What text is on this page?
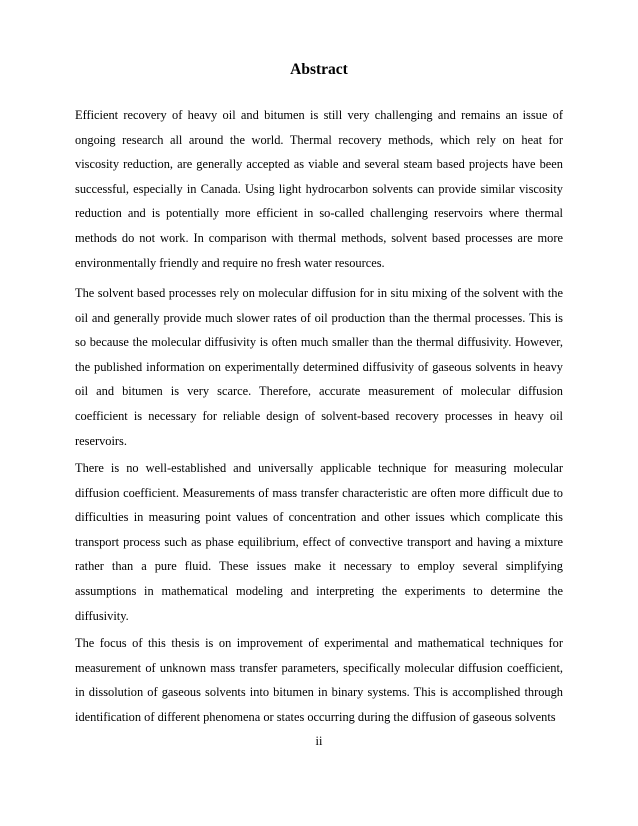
Abstract

Efficient recovery of heavy oil and bitumen is still very challenging and remains an issue of ongoing research all around the world. Thermal recovery methods, which rely on heat for viscosity reduction, are generally accepted as viable and several steam based projects have been successful, especially in Canada. Using light hydrocarbon solvents can provide similar viscosity reduction and is potentially more efficient in so-called challenging reservoirs where thermal methods do not work. In comparison with thermal methods, solvent based processes are more environmentally friendly and require no fresh water resources.

The solvent based processes rely on molecular diffusion for in situ mixing of the solvent with the oil and generally provide much slower rates of oil production than the thermal processes. This is so because the molecular diffusivity is often much smaller than the thermal diffusivity. However, the published information on experimentally determined diffusivity of gaseous solvents in heavy oil and bitumen is very scarce. Therefore, accurate measurement of molecular diffusion coefficient is necessary for reliable design of solvent-based recovery processes in heavy oil reservoirs.

There is no well-established and universally applicable technique for measuring molecular diffusion coefficient. Measurements of mass transfer characteristic are often more difficult due to difficulties in measuring point values of concentration and other issues which complicate this transport process such as phase equilibrium, effect of convective transport and having a mixture rather than a pure fluid. These issues make it necessary to employ several simplifying assumptions in mathematical modeling and interpreting the experiments to determine the diffusivity.

The focus of this thesis is on improvement of experimental and mathematical techniques for measurement of unknown mass transfer parameters, specifically molecular diffusion coefficient, in dissolution of gaseous solvents into bitumen in binary systems. This is accomplished through identification of different phenomena or states occurring during the diffusion of gaseous solvents

ii
